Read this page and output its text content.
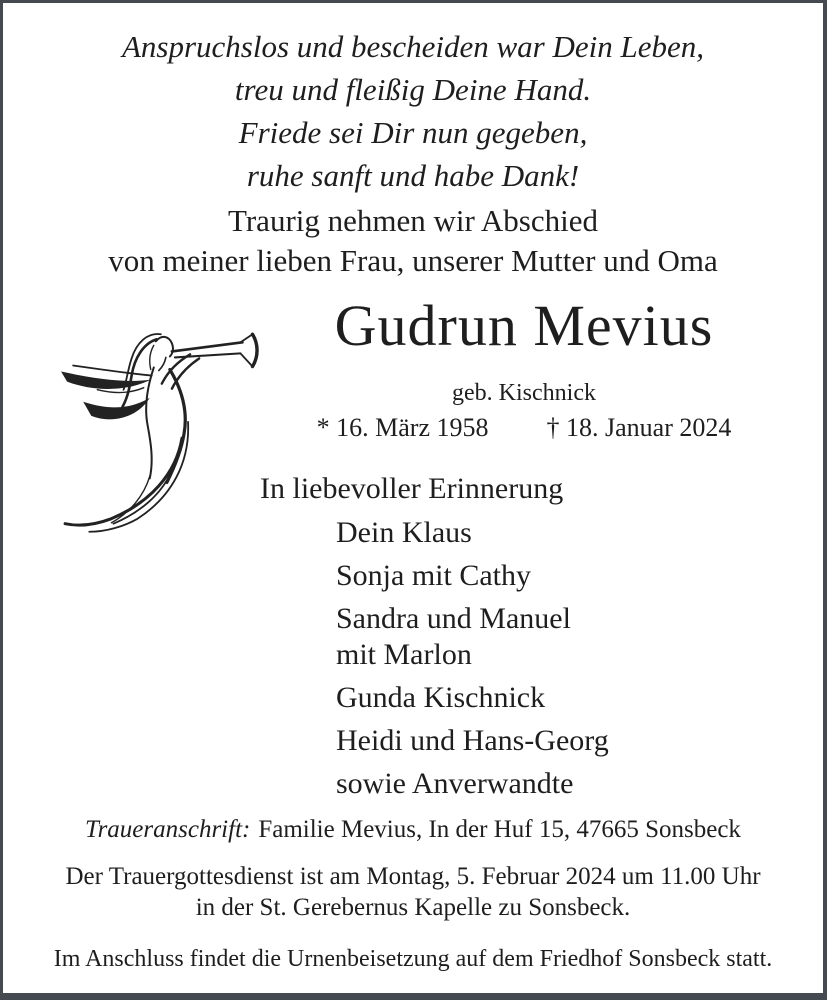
Anspruchslos und bescheiden war Dein Leben,
treu und fleißig Deine Hand.
Friede sei Dir nun gegeben,
ruhe sanft und habe Dank!
Traurig nehmen wir Abschied
von meiner lieben Frau, unserer Mutter und Oma
Gudrun Mevius
geb. Kischnick
* 16. März 1958 † 18. Januar 2024
In liebevoller Erinnerung
Dein Klaus
Sonja mit Cathy
Sandra und Manuel
mit Marlon
Gunda Kischnick
Heidi und Hans-Georg
sowie Anverwandte
Traueranschrift: Familie Mevius, In der Huf 15, 47665 Sonsbeck
Der Trauergottesdienst ist am Montag, 5. Februar 2024 um 11.00 Uhr
in der St. Gerebernus Kapelle zu Sonsbeck.
Im Anschluss findet die Urnenbeisetzung auf dem Friedhof Sonsbeck statt.
